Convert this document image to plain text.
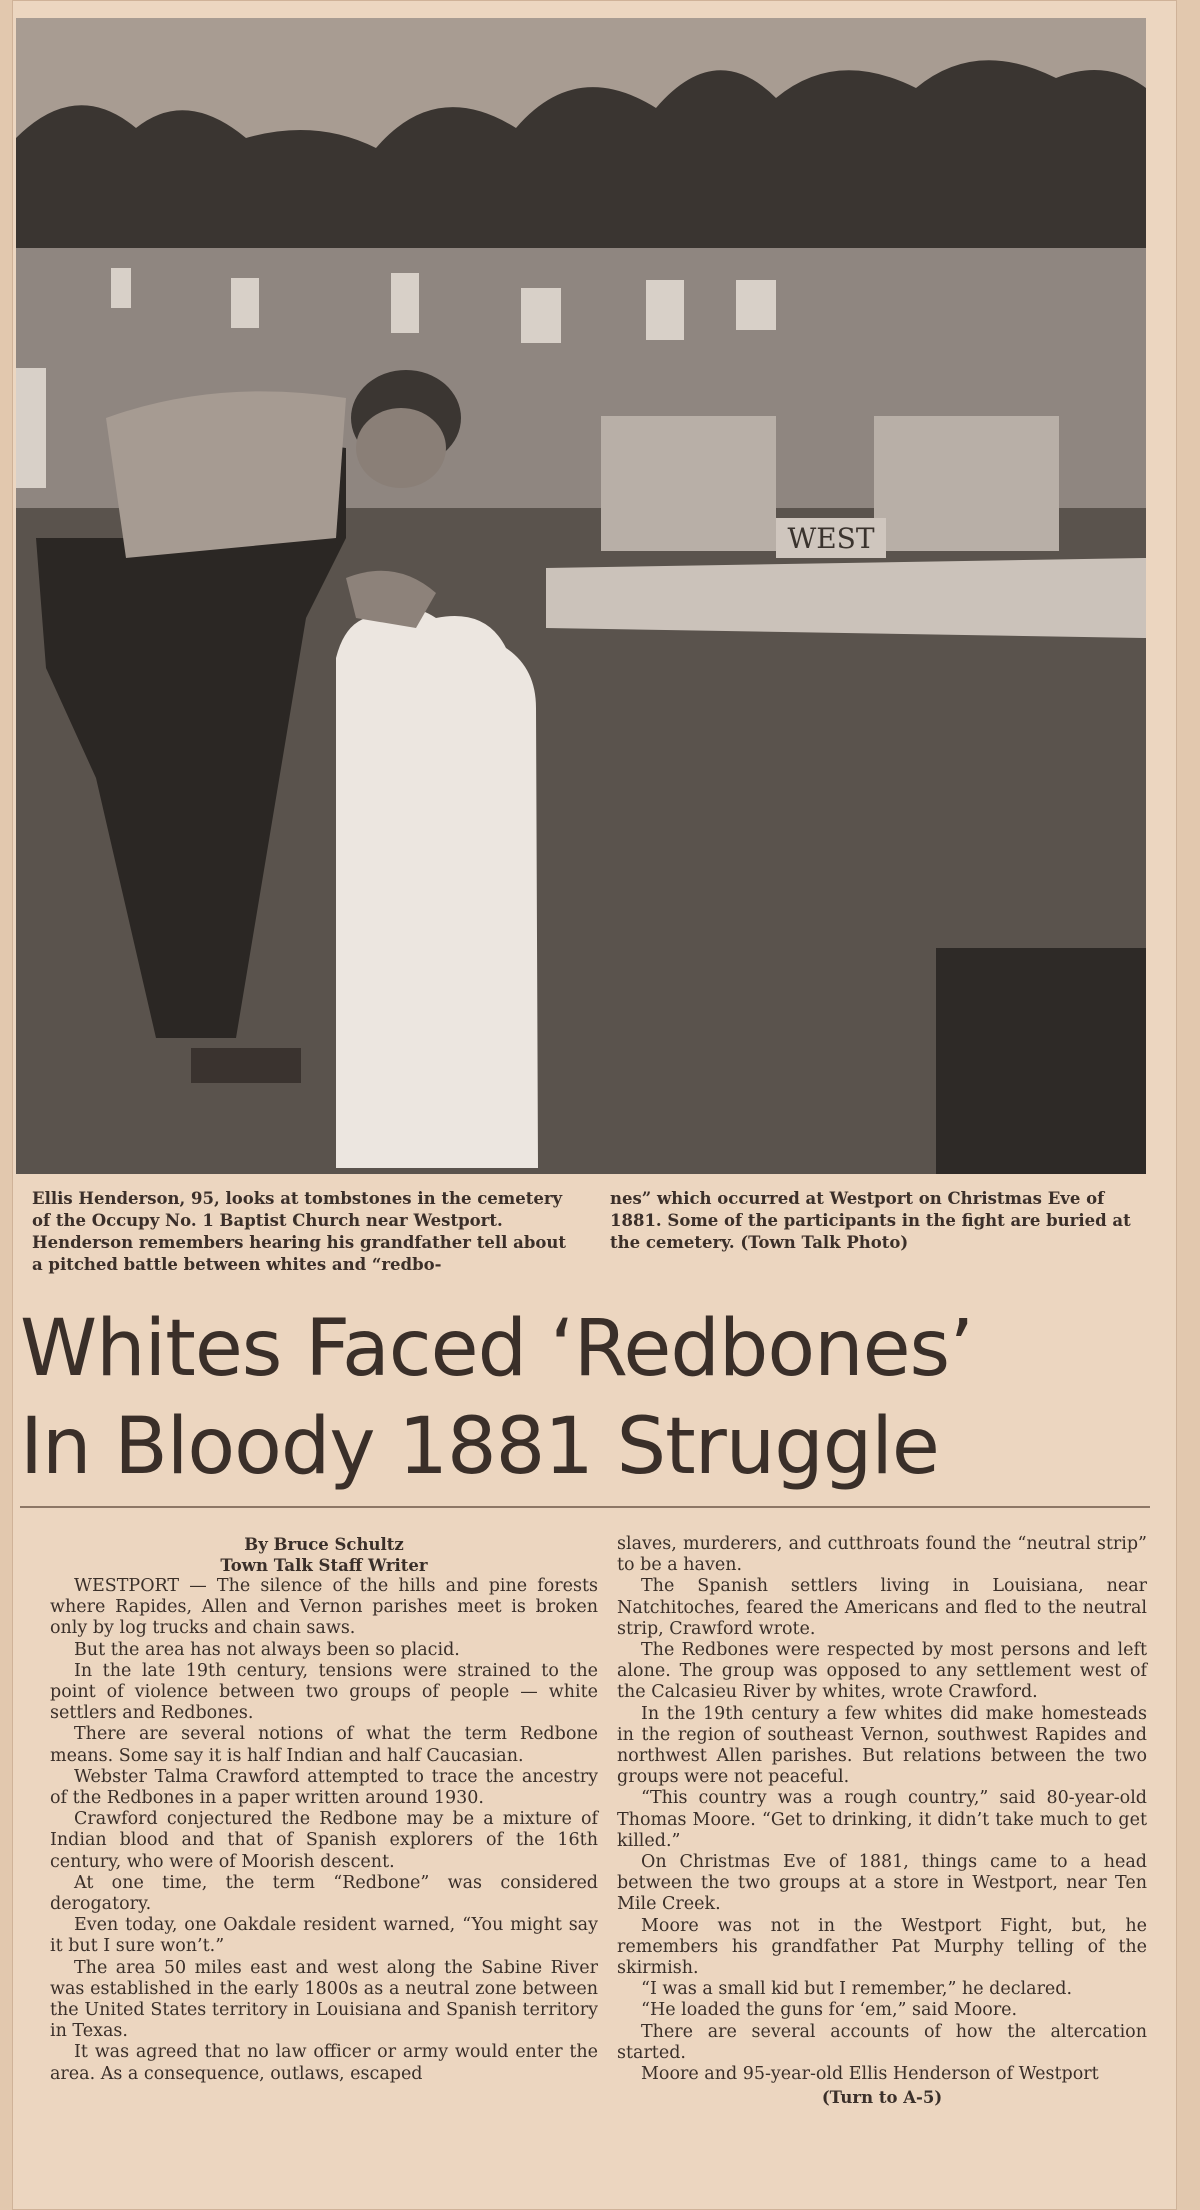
WEST
Ellis Henderson, 95, looks at tombstones in the cemetery of the Occupy No. 1 Baptist Church near Westport. Henderson remembers hearing his grandfather tell about a pitched battle between whites and “redbo-
nes” which occurred at Westport on Christmas Eve of 1881. Some of the participants in the fight are buried at the cemetery. (Town Talk Photo)
Whites Faced ‘Redbones’
In Bloody 1881 Struggle
By Bruce Schultz
Town Talk Staff Writer

WESTPORT — The silence of the hills and pine forests where Rapides, Allen and Vernon parishes meet is broken only by log trucks and chain saws.

But the area has not always been so placid.

In the late 19th century, tensions were strained to the point of violence between two groups of people — white settlers and Redbones.

There are several notions of what the term Redbone means. Some say it is half Indian and half Caucasian.

Webster Talma Crawford attempted to trace the ancestry of the Redbones in a paper written around 1930.

Crawford conjectured the Redbone may be a mixture of Indian blood and that of Spanish explorers of the 16th century, who were of Moorish descent.

At one time, the term “Redbone” was considered derogatory.

Even today, one Oakdale resident warned, “You might say it but I sure won’t.”

The area 50 miles east and west along the Sabine River was established in the early 1800s as a neutral zone between the United States territory in Louisiana and Spanish territory in Texas.

It was agreed that no law officer or army would enter the area. As a consequence, outlaws, escaped

slaves, murderers, and cutthroats found the “neutral strip” to be a haven.

The Spanish settlers living in Louisiana, near Natchitoches, feared the Americans and fled to the neutral strip, Crawford wrote.

The Redbones were respected by most persons and left alone. The group was opposed to any settlement west of the Calcasieu River by whites, wrote Crawford.

In the 19th century a few whites did make homesteads in the region of southeast Vernon, southwest Rapides and northwest Allen parishes. But relations between the two groups were not peaceful.

“This country was a rough country,” said 80-year-old Thomas Moore. “Get to drinking, it didn’t take much to get killed.”

On Christmas Eve of 1881, things came to a head between the two groups at a store in Westport, near Ten Mile Creek.

Moore was not in the Westport Fight, but, he remembers his grandfather Pat Murphy telling of the skirmish.

“I was a small kid but I remember,” he declared.

“He loaded the guns for ‘em,” said Moore.

There are several accounts of how the altercation started.

Moore and 95-year-old Ellis Henderson of Westport

(Turn to A-5)
